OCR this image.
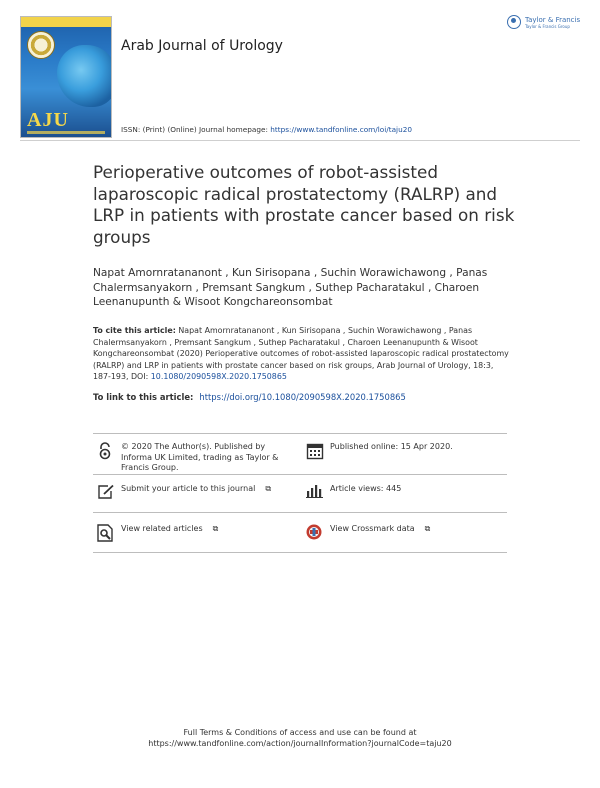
AJU
Arab Journal of Urology
Taylor & Francis
Taylor & Francis Group
ISSN: (Print) (Online) Journal homepage: https://www.tandfonline.com/loi/taju20
Perioperative outcomes of robot-assisted laparoscopic radical prostatectomy (RALRP) and LRP in patients with prostate cancer based on risk groups

Napat Amornratananont , Kun Sirisopana , Suchin Worawichawong , Panas Chalermsanyakorn , Premsant Sangkum , Suthep Pacharatakul , Charoen Leenanupunth & Wisoot Kongchareonsombat

To cite this article: Napat Amornratananont , Kun Sirisopana , Suchin Worawichawong , Panas Chalermsanyakorn , Premsant Sangkum , Suthep Pacharatakul , Charoen Leenanupunth & Wisoot Kongchareonsombat (2020) Perioperative outcomes of robot-assisted laparoscopic radical prostatectomy (RALRP) and LRP in patients with prostate cancer based on risk groups, Arab Journal of Urology, 18:3, 187-193, DOI: 10.1080/2090598X.2020.1750865

To link to this article: https://doi.org/10.1080/2090598X.2020.1750865
© 2020 The Author(s). Published by Informa UK Limited, trading as Taylor & Francis Group.
Published online: 15 Apr 2020.
Submit your article to this journal ⧉	Article views: 445
View related articles ⧉	View Crossmark data ⧉
Full Terms & Conditions of access and use can be found at
https://www.tandfonline.com/action/journalInformation?journalCode=taju20
